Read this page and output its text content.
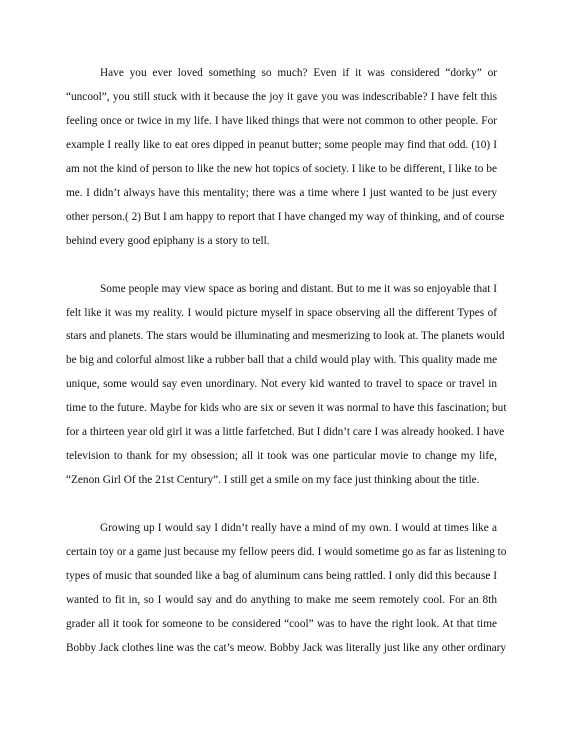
Have you ever loved something so much? Even if it was considered “dorky” or
“uncool”, you still stuck with it because the joy it gave you was indescribable? I have felt this
feeling once or twice in my life. I have liked things that were not common to other people. For
example I really like to eat ores dipped in peanut butter; some people may find that odd. (10) I
am not the kind of person to like the new hot topics of society. I like to be different, I like to be
me. I didn’t always have this mentality; there was a time where I just wanted to be just every
other person.( 2) But I am happy to report that I have changed my way of thinking, and of course
behind every good epiphany is a story to tell.

Some people may view space as boring and distant. But to me it was so enjoyable that I
felt like it was my reality. I would picture myself in space observing all the different Types of
stars and planets. The stars would be illuminating and mesmerizing to look at. The planets would
be big and colorful almost like a rubber ball that a child would play with. This quality made me
unique, some would say even unordinary. Not every kid wanted to travel to space or travel in
time to the future. Maybe for kids who are six or seven it was normal to have this fascination; but
for a thirteen year old girl it was a little farfetched. But I didn’t care I was already hooked. I have
television to thank for my obsession; all it took was one particular movie to change my life,
“Zenon Girl Of the 21st Century”. I still get a smile on my face just thinking about the title.

Growing up I would say I didn’t really have a mind of my own. I would at times like a
certain toy or a game just because my fellow peers did. I would sometime go as far as listening to
types of music that sounded like a bag of aluminum cans being rattled. I only did this because I
wanted to fit in, so I would say and do anything to make me seem remotely cool. For an 8th
grader all it took for someone to be considered “cool” was to have the right look. At that time
Bobby Jack clothes line was the cat’s meow. Bobby Jack was literally just like any other ordinary
